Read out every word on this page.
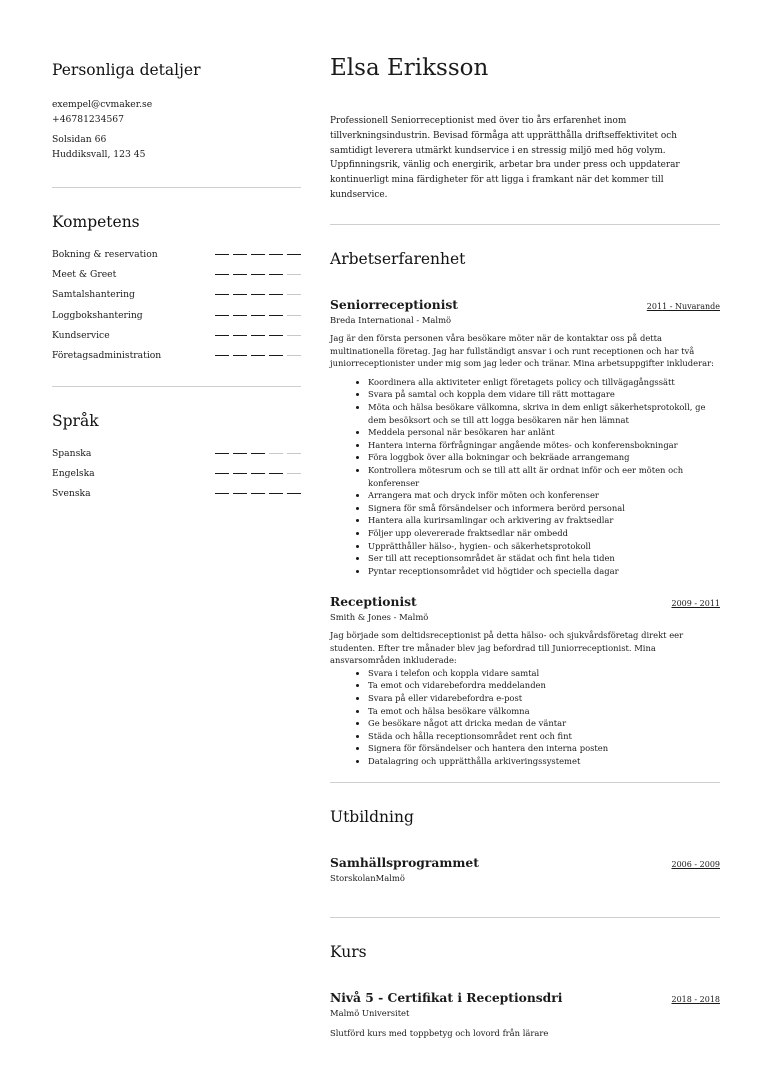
Personliga detaljer
exempel@cvmaker.se
+46781234567
Solsidan 66
Huddiksvall, 123 45
Kompetens
Bokning & reservation
Meet & Greet
Samtalshantering
Loggbokshantering
Kundservice
Företagsadministration
Språk
Spanska
Engelska
Svenska
Elsa Eriksson

Professionell Seniorreceptionist med över tio års erfarenhet inom tillverkningsindustrin. Bevisad förmåga att upprätthålla driftseffektivitet och samtidigt leverera utmärkt kundservice i en stressig miljö med hög volym. Uppfinningsrik, vänlig och energirik, arbetar bra under press och uppdaterar kontinuerligt mina färdigheter för att ligga i framkant när det kommer till kundservice.

Arbetserfarenhet
Seniorreceptionist	2011 - Nuvarande
Breda International - Malmö

Jag är den första personen våra besökare möter när de kontaktar oss på detta multinationella företag. Jag har fullständigt ansvar i och runt receptionen och har två juniorreceptionister under mig som jag leder och tränar. Mina arbetsuppgifter inkluderar:

• Koordinera alla aktiviteter enligt företagets policy och tillvägagångssätt
• Svara på samtal och koppla dem vidare till rätt mottagare
• Möta och hälsa besökare välkomna, skriva in dem enligt säkerhetsprotokoll, ge dem besöksort och se till att logga besökaren när hen lämnat
• Meddela personal när besökaren har anlänt
• Hantera interna förfrågningar angående mötes- och konferensbokningar
• Föra loggbok över alla bokningar och bekräade arrangemang
• Kontrollera mötesrum och se till att allt är ordnat inför och eer möten och konferenser
• Arrangera mat och dryck inför möten och konferenser
• Signera för små försändelser och informera berörd personal
• Hantera alla kurirsamlingar och arkivering av fraktsedlar
• Följer upp olevererade fraktsedlar när ombedd
• Upprätthåller hälso-, hygien- och säkerhetsprotokoll
• Ser till att receptionsområdet är städat och fint hela tiden
• Pyntar receptionsområdet vid högtider och speciella dagar
Receptionist	2009 - 2011
Smith & Jones - Malmö

Jag började som deltidsreceptionist på detta hälso- och sjukvårdsföretag direkt eer studenten. Efter tre månader blev jag befordrad till Juniorreceptionist. Mina ansvarsområden inkluderade:

• Svara i telefon och koppla vidare samtal
• Ta emot och vidarebefordra meddelanden
• Svara på eller vidarebefordra e-post
• Ta emot och hälsa besökare välkomna
• Ge besökare något att dricka medan de väntar
• Städa och hålla receptionsområdet rent och fint
• Signera för försändelser och hantera den interna posten
• Datalagring och upprätthålla arkiveringssystemet
Utbildning
Samhällsprogrammet	2006 - 2009
StorskolanMalmö
Kurs
Nivå 5 - Certifikat i Receptionsdri	2018 - 2018
Malmö Universitet

Slutförd kurs med toppbetyg och lovord från lärare
